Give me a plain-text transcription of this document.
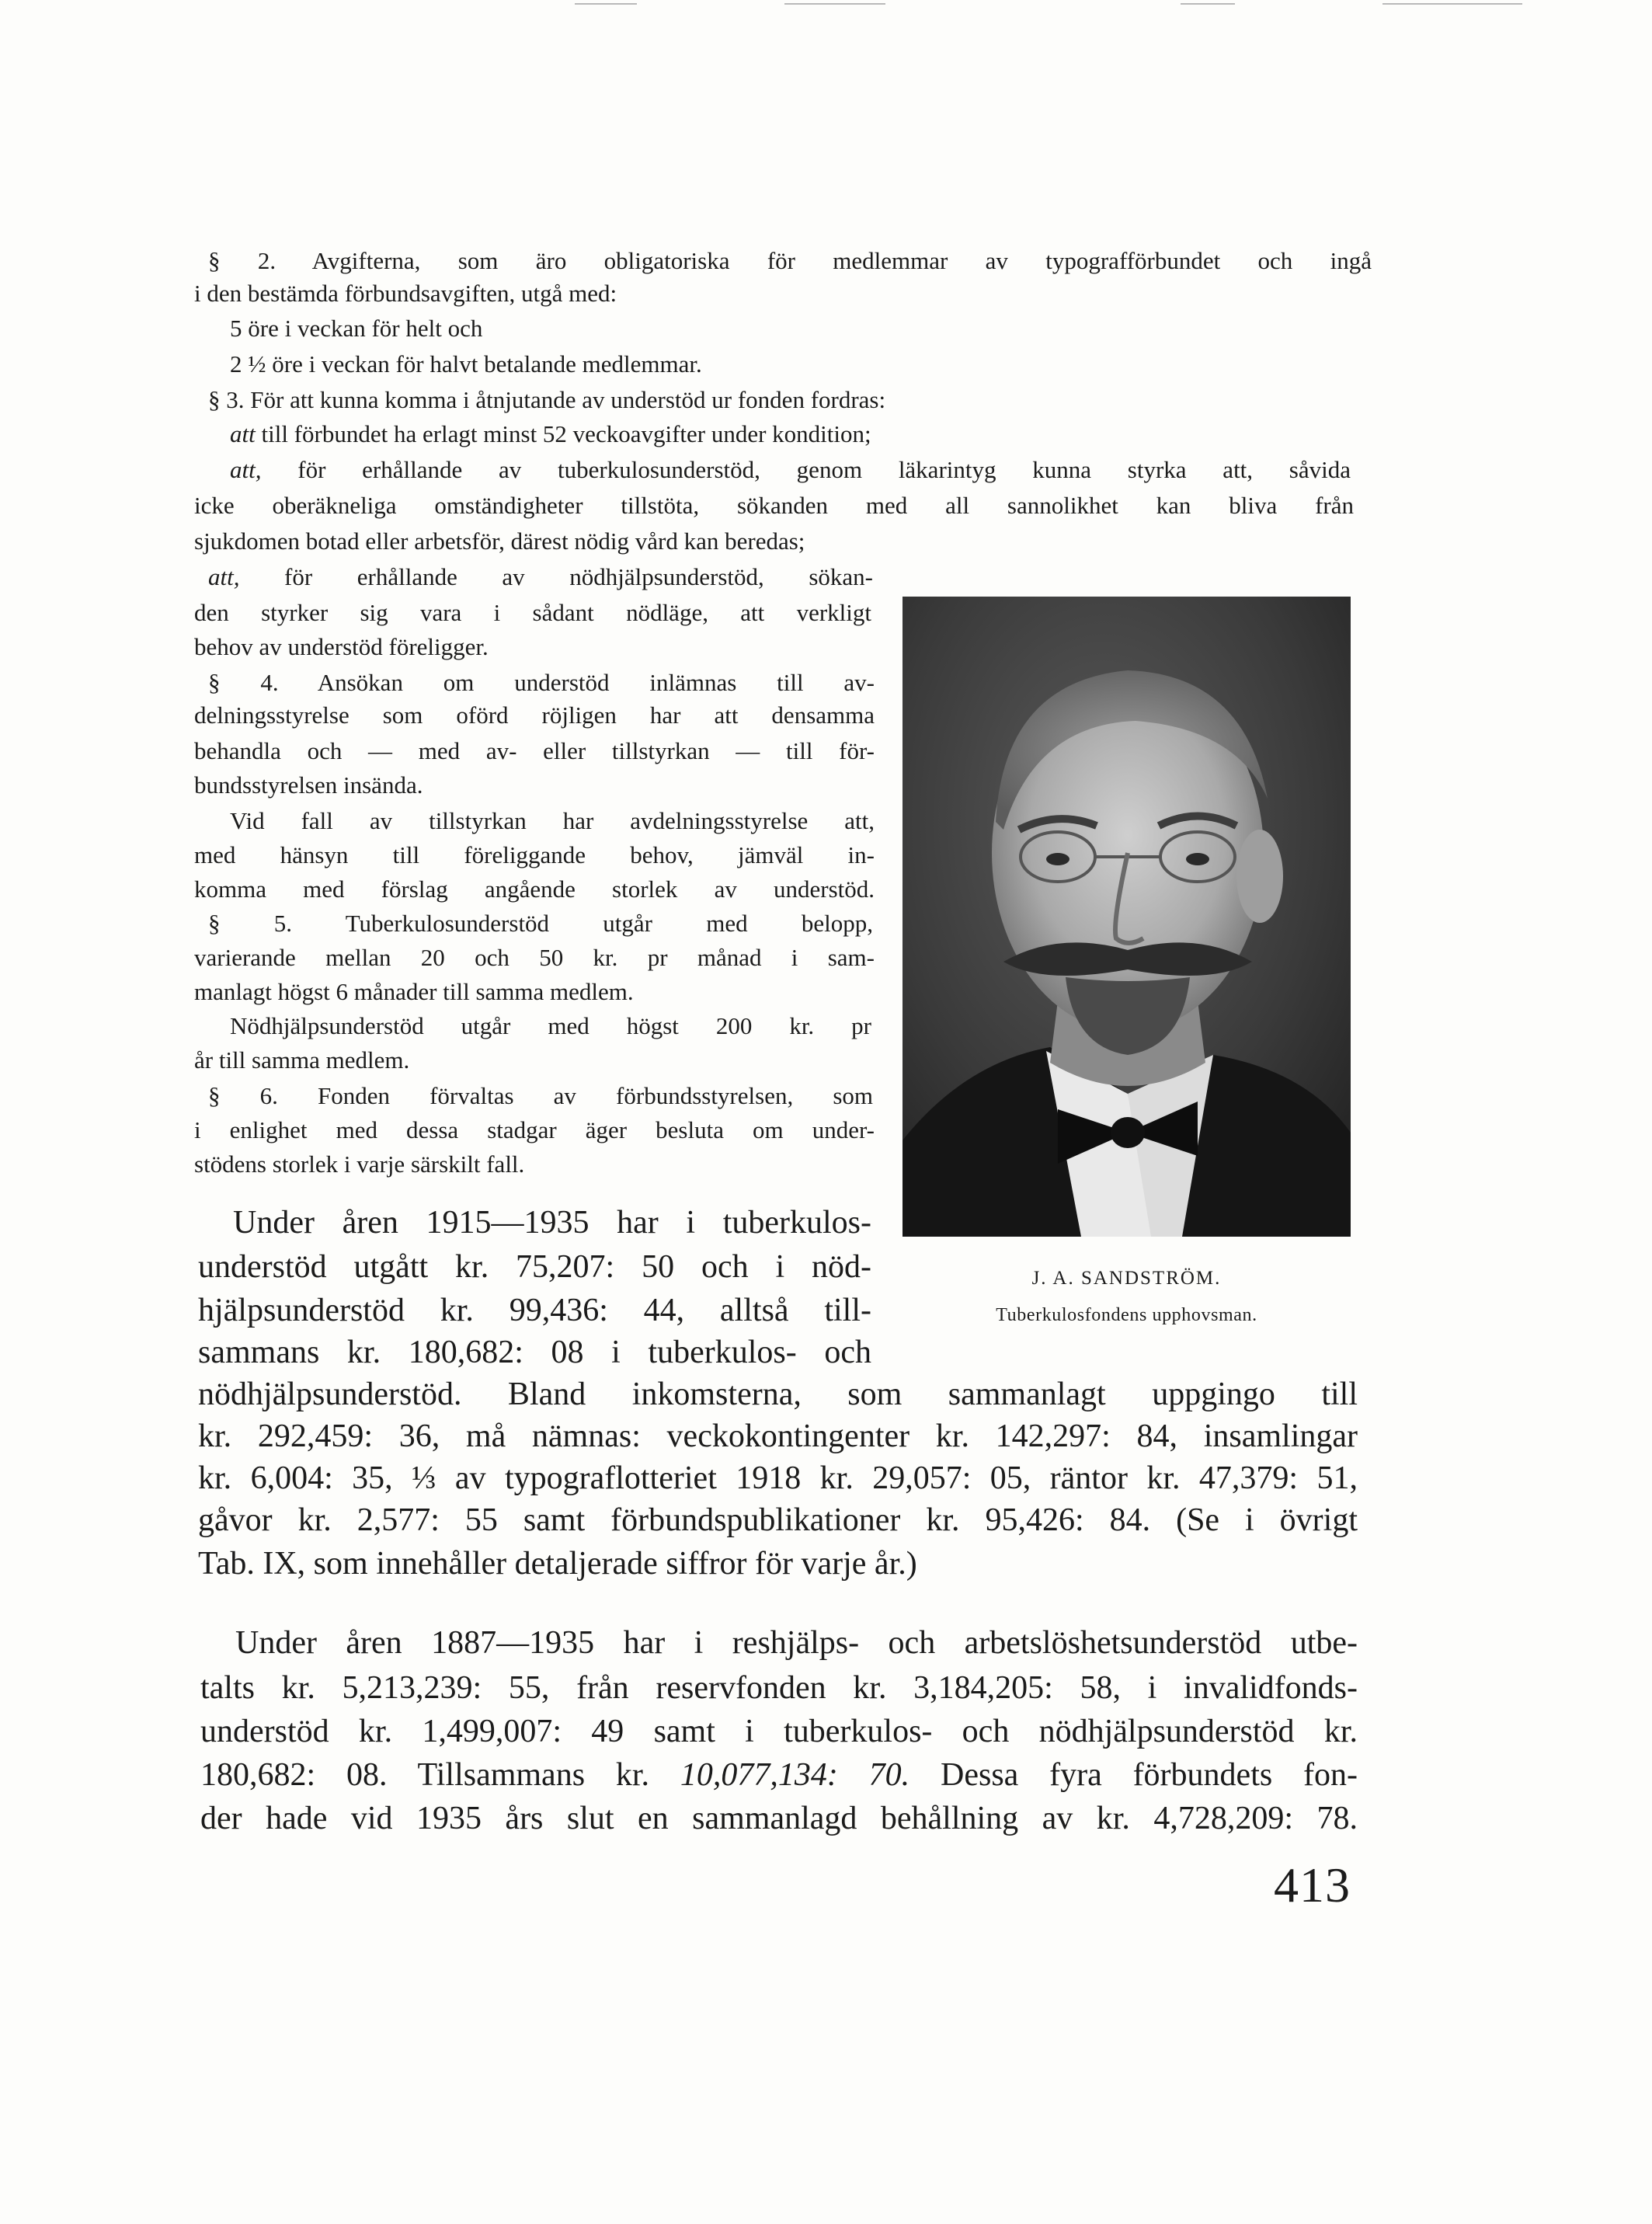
§ 2. Avgifterna, som äro obligatoriska för medlemmar av typografförbundet och ingå
i den bestämda förbundsavgiften, utgå med:
5 öre i veckan för helt och
2 ½ öre i veckan för halvt betalande medlemmar.
§ 3. För att kunna komma i åtnjutande av understöd ur fonden fordras:
att till förbundet ha erlagt minst 52 veckoavgifter under kondition;
att, för erhållande av tuberkulosunderstöd, genom läkarintyg kunna styrka att, såvida
icke oberäkneliga omständigheter tillstöta, sökanden med all sannolikhet kan bliva från
sjukdomen botad eller arbetsför, därest nödig vård kan beredas;
att, för erhållande av nödhjälpsunderstöd, sökan-
den styrker sig vara i sådant nödläge, att verkligt
behov av understöd föreligger.
§ 4. Ansökan om understöd inlämnas till av-
delningsstyrelse som oförd röjligen har att densamma
behandla och — med av- eller tillstyrkan — till för-
bundsstyrelsen insända.
Vid fall av tillstyrkan har avdelningsstyrelse att,
med hänsyn till föreliggande behov, jämväl in-
komma med förslag angående storlek av understöd.
§ 5. Tuberkulosunderstöd utgår med belopp,
varierande mellan 20 och 50 kr. pr månad i sam-
manlagt högst 6 månader till samma medlem.
Nödhjälpsunderstöd utgår med högst 200 kr. pr
år till samma medlem.
§ 6. Fonden förvaltas av förbundsstyrelsen, som
i enlighet med dessa stadgar äger besluta om under-
stödens storlek i varje särskilt fall.
J. A. SANDSTRÖM.
Tuberkulosfondens upphovsman.
Under åren 1915—1935 har i tuberkulos-
understöd utgått kr. 75,207: 50 och i nöd-
hjälpsunderstöd kr. 99,436: 44, alltså till-
sammans kr. 180,682: 08 i tuberkulos- och
nödhjälpsunderstöd. Bland inkomsterna, som sammanlagt uppgingo till
kr. 292,459: 36, må nämnas: veckokontingenter kr. 142,297: 84, insamlingar
kr. 6,004: 35, ⅓ av typograflotteriet 1918 kr. 29,057: 05, räntor kr. 47,379: 51,
gåvor kr. 2,577: 55 samt förbundspublikationer kr. 95,426: 84. (Se i övrigt
Tab. IX, som innehåller detaljerade siffror för varje år.)
Under åren 1887—1935 har i reshjälps- och arbetslöshetsunderstöd utbe-
talts kr. 5,213,239: 55, från reservfonden kr. 3,184,205: 58, i invalidfonds-
understöd kr. 1,499,007: 49 samt i tuberkulos- och nödhjälpsunderstöd kr.
180,682: 08. Tillsammans kr. 10,077,134: 70. Dessa fyra förbundets fon-
der hade vid 1935 års slut en sammanlagd behållning av kr. 4,728,209: 78.
413
